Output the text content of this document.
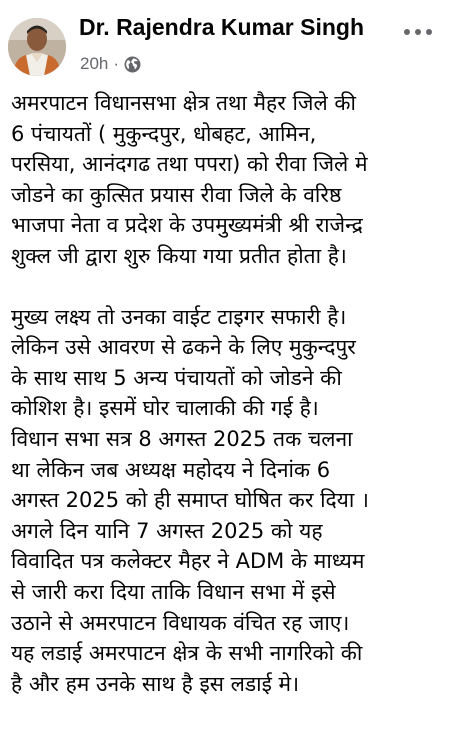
Dr. Rajendra Kumar Singh
20h ·

अमरपाटन विधानसभा क्षेत्र तथा मैहर जिले की
6 पंचायतों ( मुकुन्दपुर, धोबहट, आमिन,
परसिया, आनंदगढ तथा पपरा) को रीवा जिले मे
जोडने का कुत्सित प्रयास रीवा जिले के वरिष्ठ
भाजपा नेता व प्रदेश के उपमुख्यमंत्री श्री राजेन्द्र
शुक्ल जी द्वारा शुरु किया गया प्रतीत होता है।

मुख्य लक्ष्य तो उनका वाईट टाइगर सफारी है।
लेकिन उसे आवरण से ढकने के लिए मुकुन्दपुर
के साथ साथ 5 अन्य पंचायतों को जोडने की
कोशिश है। इसमें घोर चालाकी की गई है।
विधान सभा सत्र 8 अगस्त 2025 तक चलना
था लेकिन जब अध्यक्ष महोदय ने दिनांक 6
अगस्त 2025 को ही समाप्त घोषित कर दिया ।
अगले दिन यानि 7 अगस्त 2025 को यह
विवादित पत्र कलेक्टर मैहर ने ADM के माध्यम
से जारी करा दिया ताकि विधान सभा में इसे
उठाने से अमरपाटन विधायक वंचित रह जाए।
यह लडाई अमरपाटन क्षेत्र के सभी नागरिको की
है और हम उनके साथ है इस लडाई मे।
